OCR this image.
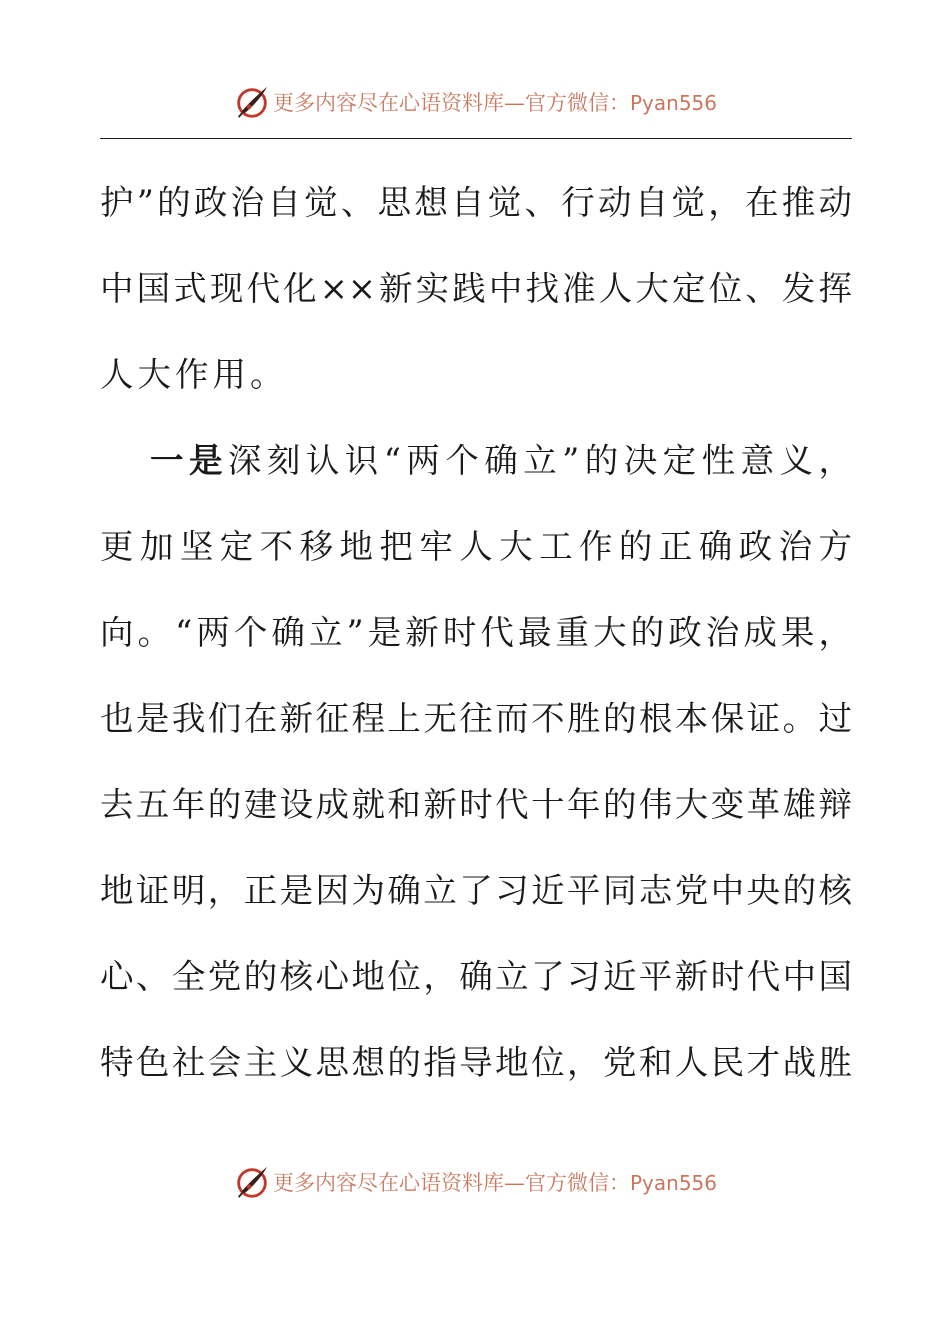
更多内容尽在心语资料库—官方微信：Pyan556
护”的政治自觉、思想自觉、行动自觉，在推动
中国式现代化××新实践中找准人大定位、发挥
人大作用。
一是深刻认识“两个确立”的决定性意义，
更加坚定不移地把牢人大工作的正确政治方
向。“两个确立”是新时代最重大的政治成果，
也是我们在新征程上无往而不胜的根本保证。过
去五年的建设成就和新时代十年的伟大变革雄辩
地证明，正是因为确立了习近平同志党中央的核
心、全党的核心地位，确立了习近平新时代中国
特色社会主义思想的指导地位，党和人民才战胜
更多内容尽在心语资料库—官方微信：Pyan556
